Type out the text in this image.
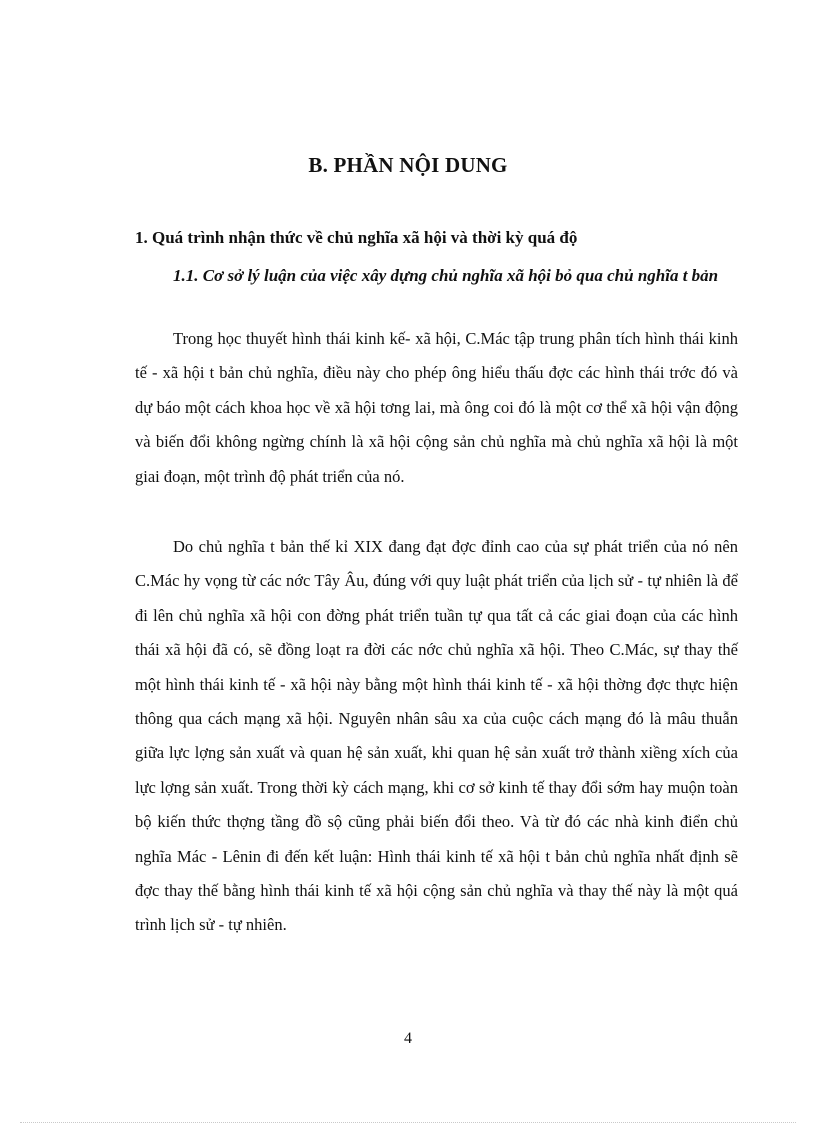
B. PHẦN NỘI DUNG
1. Quá trình nhận thức về chủ nghĩa xã hội và thời kỳ quá độ
1.1. Cơ sở lý luận của việc xây dựng chủ nghĩa xã hội bỏ qua chủ nghĩa t bản

Trong học thuyết hình thái kinh kế- xã hội, C.Mác tập trung phân tích hình thái kinh tế - xã hội t bản chủ nghĩa, điều này cho phép ông hiểu thấu đợc các hình thái trớc đó và dự báo một cách khoa học về xã hội tơng lai, mà ông coi đó là một cơ thể xã hội vận động và biến đổi không ngừng chính là xã hội cộng sản chủ nghĩa mà chủ nghĩa xã hội là một giai đoạn, một trình độ phát triển của nó.

Do chủ nghĩa t bản thế kỉ XIX đang đạt đợc đỉnh cao của sự phát triển của nó nên C.Mác hy vọng từ các nớc Tây Âu, đúng với quy luật phát triển của lịch sử - tự nhiên là để đi lên chủ nghĩa xã hội con đờng phát triển tuần tự qua tất cả các giai đoạn của các hình thái xã hội đã có, sẽ đồng loạt ra đời các nớc chủ nghĩa xã hội. Theo C.Mác, sự thay thế một hình thái kinh tế - xã hội này bằng một hình thái kinh tế - xã hội thờng đợc thực hiện thông qua cách mạng xã hội. Nguyên nhân sâu xa của cuộc cách mạng đó là mâu thuẫn giữa lực lợng sản xuất và quan hệ sản xuất, khi quan hệ sản xuất trở thành xiềng xích của lực lợng sản xuất. Trong thời kỳ cách mạng, khi cơ sở kinh tế thay đổi sớm hay muộn toàn bộ kiến thức thợng tầng đồ sộ cũng phải biến đổi theo. Và từ đó các nhà kinh điển chủ nghĩa Mác - Lênin đi đến kết luận: Hình thái kinh tế xã hội t bản chủ nghĩa nhất định sẽ đợc thay thế bằng hình thái kinh tế xã hội cộng sản chủ nghĩa và thay thế này là một quá trình lịch sử - tự nhiên.

4
